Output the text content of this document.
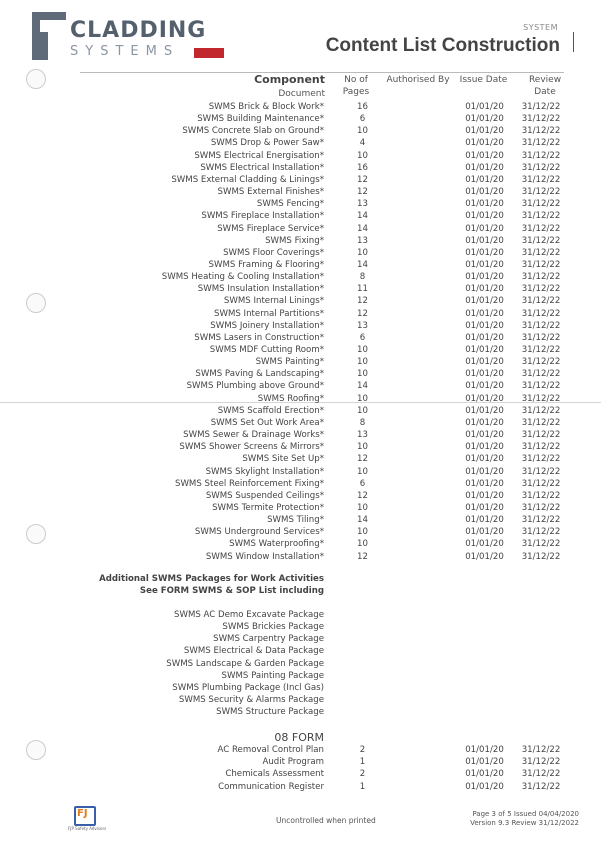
CLADDING
SYSTEMS
SYSTEM
Content List Construction
Component
Document
No of
Pages
Authorised By	Issue Date	Review
Date
SWMS Brick & Block Work*	16	01/01/20	31/12/22
SWMS Building Maintenance*	6	01/01/20	31/12/22
SWMS Concrete Slab on Ground*	10	01/01/20	31/12/22
SWMS Drop & Power Saw*	4	01/01/20	31/12/22
SWMS Electrical Energisation*	10	01/01/20	31/12/22
SWMS Electrical Installation*	16	01/01/20	31/12/22
SWMS External Cladding & Linings*	12	01/01/20	31/12/22
SWMS External Finishes*	12	01/01/20	31/12/22
SWMS Fencing*	13	01/01/20	31/12/22
SWMS Fireplace Installation*	14	01/01/20	31/12/22
SWMS Fireplace Service*	14	01/01/20	31/12/22
SWMS Fixing*	13	01/01/20	31/12/22
SWMS Floor Coverings*	10	01/01/20	31/12/22
SWMS Framing & Flooring*	14	01/01/20	31/12/22
SWMS Heating & Cooling Installation*	8	01/01/20	31/12/22
SWMS Insulation Installation*	11	01/01/20	31/12/22
SWMS Internal Linings*	12	01/01/20	31/12/22
SWMS Internal Partitions*	12	01/01/20	31/12/22
SWMS Joinery Installation*	13	01/01/20	31/12/22
SWMS Lasers in Construction*	6	01/01/20	31/12/22
SWMS MDF Cutting Room*	10	01/01/20	31/12/22
SWMS Painting*	10	01/01/20	31/12/22
SWMS Paving & Landscaping*	10	01/01/20	31/12/22
SWMS Plumbing above Ground*	14	01/01/20	31/12/22
SWMS Roofing*	10	01/01/20	31/12/22
SWMS Scaffold Erection*	10	01/01/20	31/12/22
SWMS Set Out Work Area*	8	01/01/20	31/12/22
SWMS Sewer & Drainage Works*	13	01/01/20	31/12/22
SWMS Shower Screens & Mirrors*	10	01/01/20	31/12/22
SWMS Site Set Up*	12	01/01/20	31/12/22
SWMS Skylight Installation*	10	01/01/20	31/12/22
SWMS Steel Reinforcement Fixing*	6	01/01/20	31/12/22
SWMS Suspended Ceilings*	12	01/01/20	31/12/22
SWMS Termite Protection*	10	01/01/20	31/12/22
SWMS Tiling*	14	01/01/20	31/12/22
SWMS Underground Services*	10	01/01/20	31/12/22
SWMS Waterproofing*	10	01/01/20	31/12/22
SWMS Window Installation*	12	01/01/20	31/12/22
Additional SWMS Packages for Work Activities
See FORM SWMS & SOP List including
SWMS AC Demo Excavate Package
SWMS Brickies Package
SWMS Carpentry Package
SWMS Electrical & Data Package
SWMS Landscape & Garden Package
SWMS Painting Package
SWMS Plumbing Package (Incl Gas)
SWMS Security & Alarms Package
SWMS Structure Package
08 FORM
AC Removal Control Plan	2	01/01/20	31/12/22
Audit Program	1	01/01/20	31/12/22
Chemicals Assessment	2	01/01/20	31/12/22
Communication Register	1	01/01/20	31/12/22
FJ
FJP Safety Advisors
Uncontrolled when printed
Page 3 of 5 Issued 04/04/2020
Version 9.3 Review 31/12/2022
